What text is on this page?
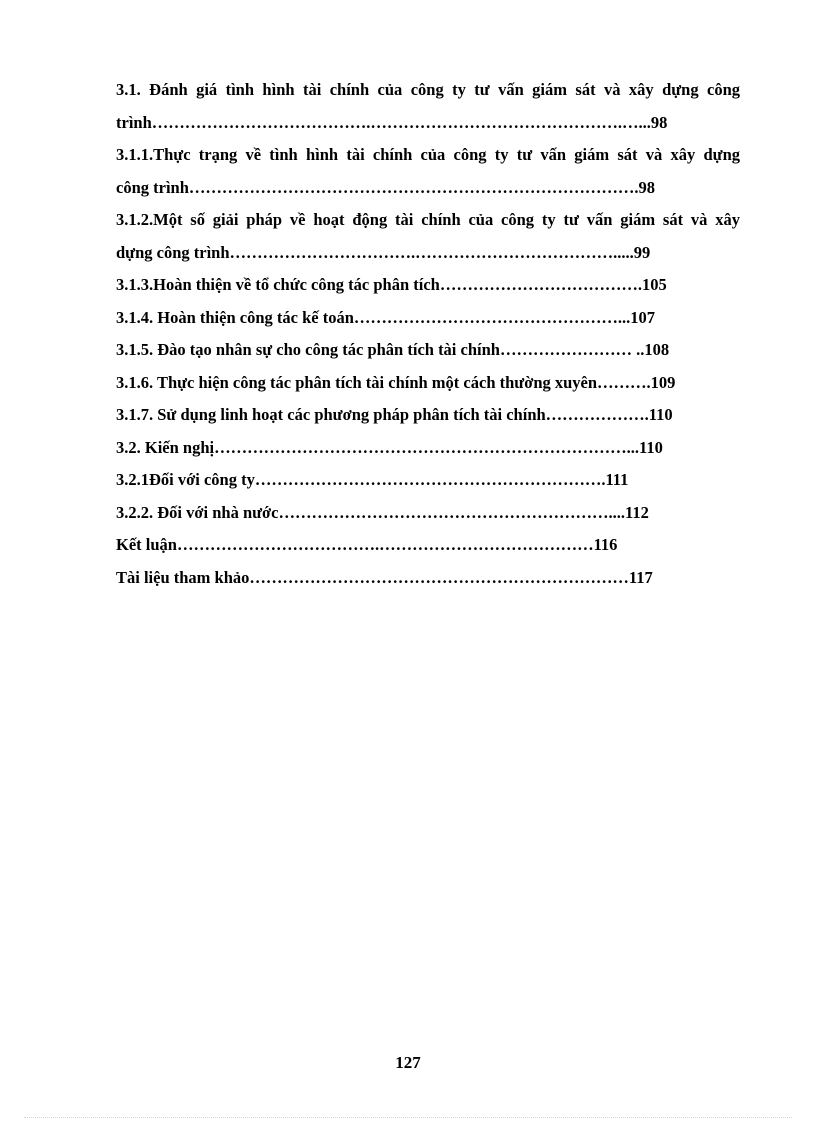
3.1. Đánh giá tình hình tài chính của công ty tư vấn giám sát và xây dựng công
trình………………………………….……………………………………….…...98
3.1.1.Thực trạng về tình hình tài chính của công ty tư vấn giám sát và xây dựng
công trình……………………………………………………………………….98
3.1.2.Một số giải pháp về hoạt động tài chính của công ty tư vấn giám sát và xây
dựng công trình…………………………….……………………………….....99
3.1.3.Hoàn thiện về tổ chức công tác phân tích……………………………….105
3.1.4. Hoàn thiện công tác kế toán…………………………………………...107
3.1.5. Đào tạo nhân sự cho công tác phân tích tài chính…………………… ..108
3.1.6. Thực hiện công tác phân tích tài chính một cách thường xuyên……….109
3.1.7. Sử dụng linh hoạt các phương pháp phân tích tài chính……………….110
3.2. Kiến nghị…………………………………………………………………...110
3.2.1Đối với công ty……………………………………………………….111
3.2.2. Đối với nhà nước……………………………………………………....112
Kết luận……………………………….…………………………………116
Tài liệu tham khảo……………………………………………………………117
127
